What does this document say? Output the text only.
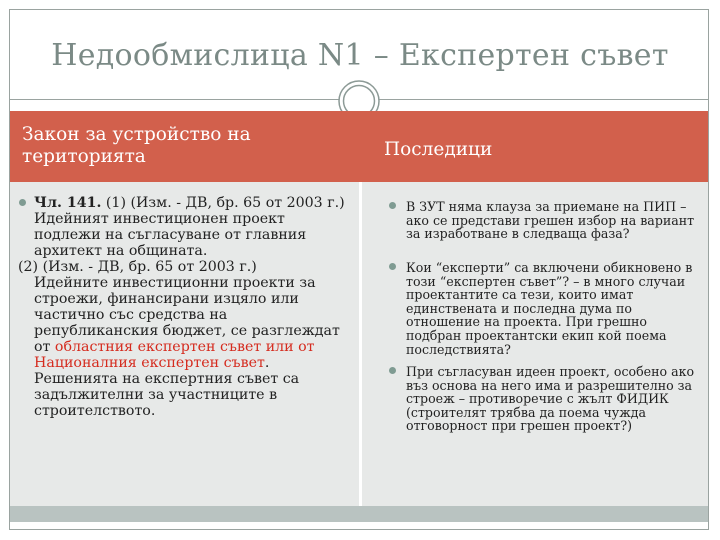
Недообмислица N1 – Експертен съвет
Закон за устройство на територията	Последици
Чл. 141. (1) (Изм. - ДВ, бр. 65 от 2003 г.) Идейният инвестиционен проект подлежи на съгласуване от главния архитект на общината.
(2) (Изм. - ДВ, бр. 65 от 2003 г.)
Идейните инвестиционни проекти за строежи, финансирани изцяло или частично със средства на републиканския бюджет, се разглеждат от областния експертен съвет или от Националния експертен съвет. Решенията на експертния съвет са задължителни за участниците в строителството.

В ЗУТ няма клауза за приемане на ПИП – ако се представи грешен избор на вариант за изработване в следваща фаза?

Кои “експерти” са включени обикновено в този “експертен съвет”? – в много случаи проектантите са тези, които имат единствената и последна дума по отношение на проекта. При грешно подбран проектантски екип кой поема последствията?

При съгласуван идеен проект, особено ако въз основа на него има и разрешително за строеж – противоречие с жълт ФИДИК (строителят трябва да поема чужда отговорност при грешен проект?)
